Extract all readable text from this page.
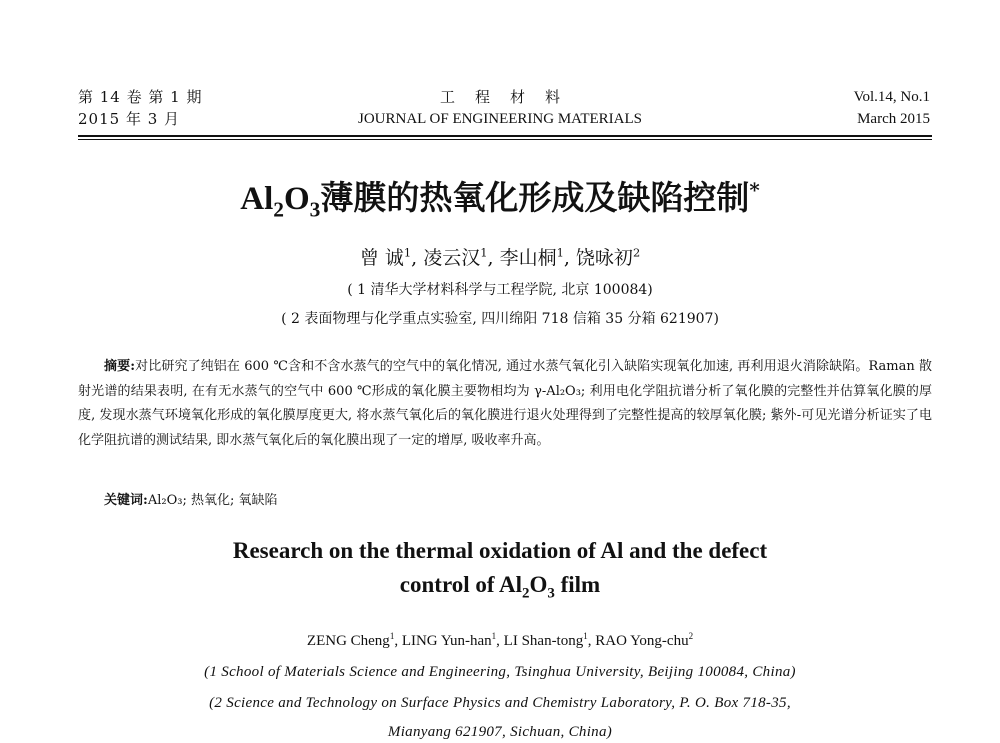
第 14 卷 第 1 期
2015 年 3 月
工程材料
JOURNAL OF ENGINEERING MATERIALS
Vol.14, No.1
March 2015
$Al_2O_3$薄膜的热氧化形成及缺陷控制*
曾 诚$^1$, 凌云汉$^1$, 李山桐$^1$, 饶咏初$^2$
( 1 清华大学材料科学与工程学院, 北京 100084)
( 2 表面物理与化学重点实验室, 四川绵阳 718 信箱 35 分箱 621907)

摘要:对比研究了纯铝在 600 ℃含和不含水蒸气的空气中的氧化情况, 通过水蒸气氧化引入缺陷实现氧化加速, 再利用退火消除缺陷。Raman 散射光谱的结果表明, 在有无水蒸气的空气中 600 ℃形成的氧化膜主要物相均为 γ-Al₂O₃; 利用电化学阻抗谱分析了氧化膜的完整性并估算氧化膜的厚度, 发现水蒸气环境氧化形成的氧化膜厚度更大, 将水蒸气氧化后的氧化膜进行退火处理得到了完整性提高的较厚氧化膜; 紫外-可见光谱分析证实了电化学阻抗谱的测试结果, 即水蒸气氧化后的氧化膜出现了一定的增厚, 吸收率升高。

关键词:Al₂O₃; 热氧化; 氧缺陷
Research on the thermal oxidation of Al and the defect
control of $Al_2O_3$ film
ZENG Cheng$^1$, LING Yun-han$^1$, LI Shan-tong$^1$, RAO Yong-chu$^2$
(1 School of Materials Science and Engineering, Tsinghua University, Beijing 100084, China)
(2 Science and Technology on Surface Physics and Chemistry Laboratory, P. O. Box 718-35,
Mianyang 621907, Sichuan, China)
